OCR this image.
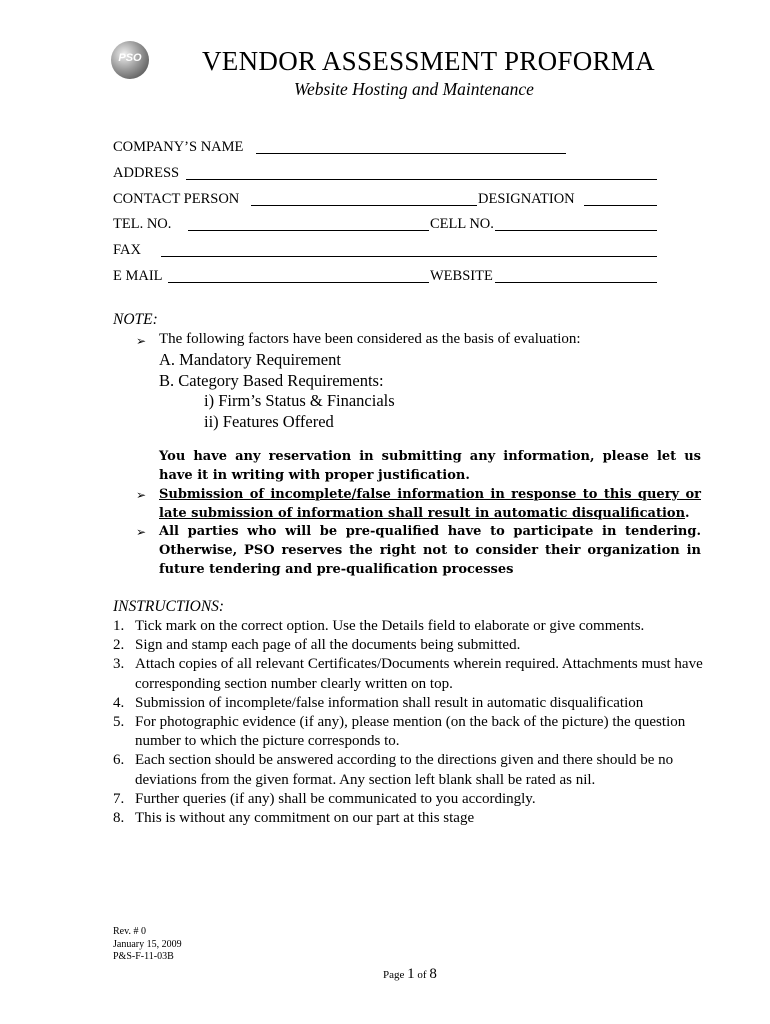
PSO VENDOR ASSESSMENT PROFORMA
Website Hosting and Maintenance
COMPANY’S NAME
ADDRESS
CONTACT PERSON	DESIGNATION
TEL. NO.	CELL NO.
FAX
E MAIL	WEBSITE
NOTE:
➢ The following factors have been considered as the basis of evaluation:
A. Mandatory Requirement
B. Category Based Requirements:
i) Firm’s Status & Financials
ii) Features Offered
You have any reservation in submitting any information, please let us have it in writing with proper justification.
➢ Submission of incomplete/false information in response to this query or late submission of information shall result in automatic disqualification.
➢ All parties who will be pre-qualified have to participate in tendering. Otherwise, PSO reserves the right not to consider their organization in future tendering and pre-qualification processes
INSTRUCTIONS:
1. Tick mark on the correct option. Use the Details field to elaborate or give comments.
2. Sign and stamp each page of all the documents being submitted.
3. Attach copies of all relevant Certificates/Documents wherein required. Attachments must have corresponding section number clearly written on top.
4. Submission of incomplete/false information shall result in automatic disqualification
5. For photographic evidence (if any), please mention (on the back of the picture) the question number to which the picture corresponds to.
6. Each section should be answered according to the directions given and there should be no deviations from the given format. Any section left blank shall be rated as nil.
7. Further queries (if any) shall be communicated to you accordingly.
8. This is without any commitment on our part at this stage
Rev. # 0
January 15, 2009
P&S-F-11-03B
Page 1 of 8
